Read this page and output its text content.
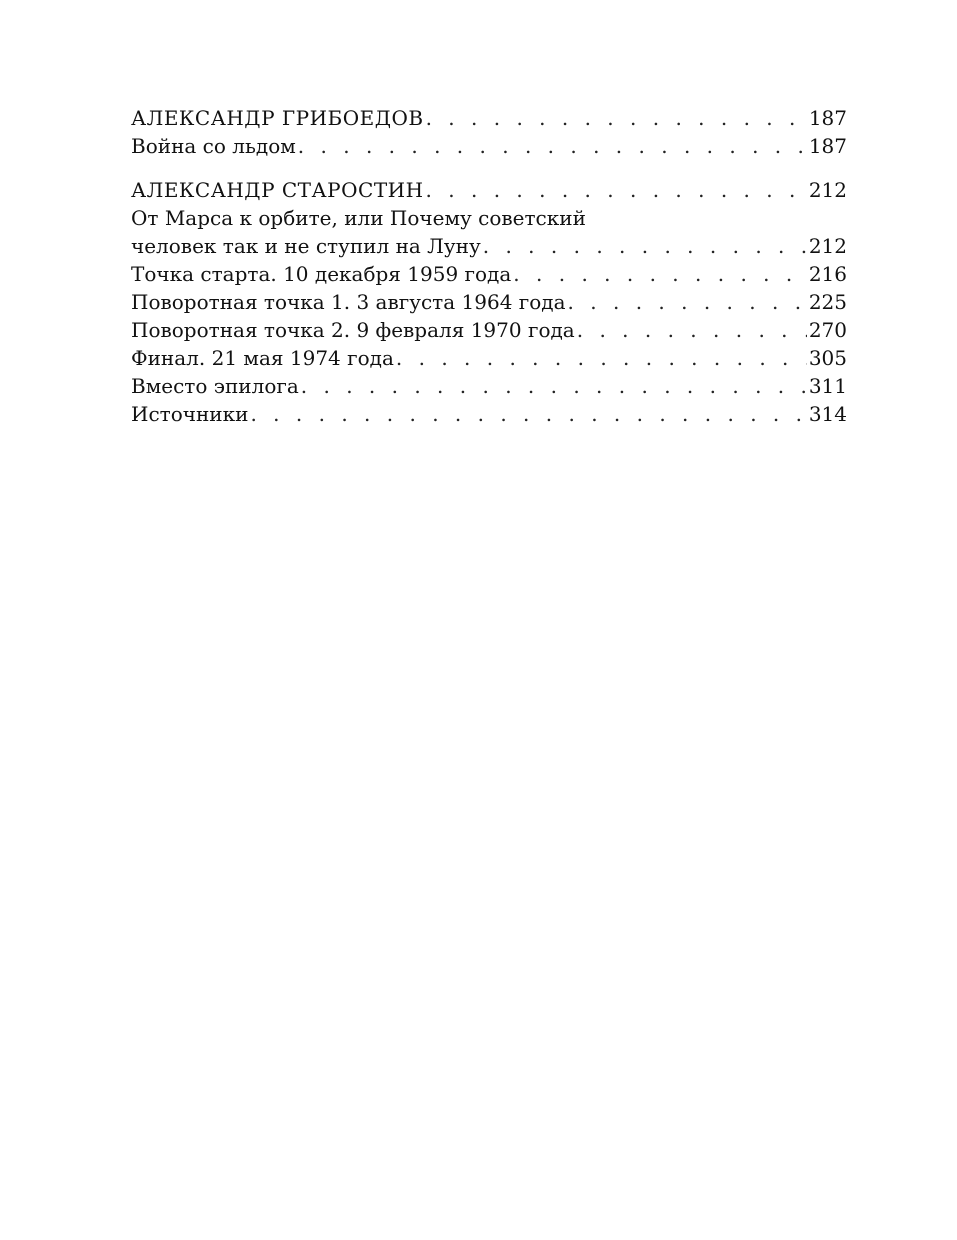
АЛЕКСАНДР ГРИБОЕДОВ . . .	187
Война со льдом . . .	187
АЛЕКСАНДР СТАРОСТИН . . .	212
От Марса к орбите, или Почему советский
человек так и не ступил на Луну . . .	212
Точка старта. 10 декабря 1959 года . . .	216
Поворотная точка 1. 3 августа 1964 года . . .	225
Поворотная точка 2. 9 февраля 1970 года . . .	270
Финал. 21 мая 1974 года . . .	305
Вместо эпилога . . .	311
Источники . . .	314
